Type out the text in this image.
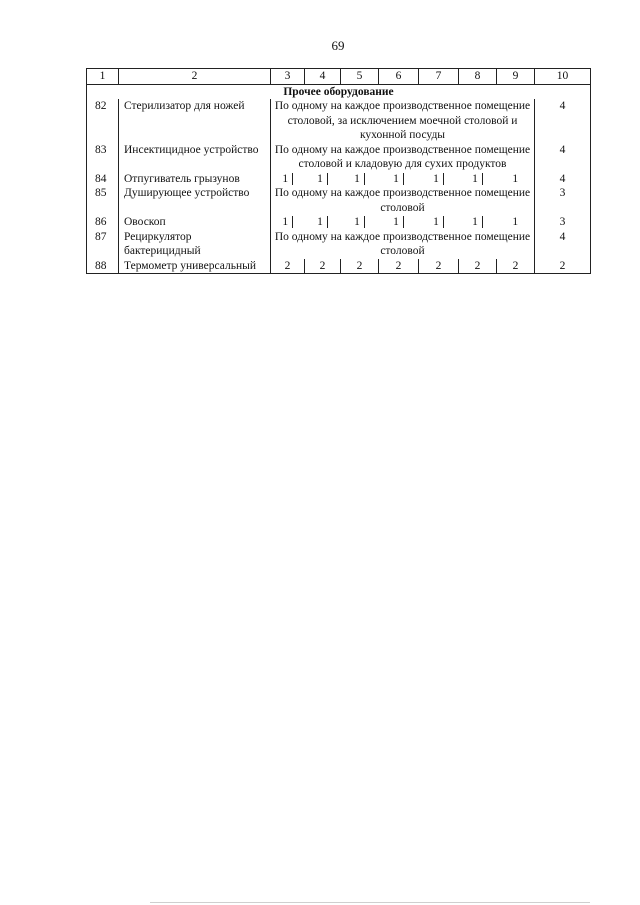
69
1	2	3	4	5	6	7	8	9	10
Прочее оборудование									
82	Стерилизатор для ножей	По одному на каждое производственное помещение столовой, за исключением моечной столовой и кухонной посуды							4
83	Инсектицидное устройство	По одному на каждое производственное помещение столовой и кладовую для сухих продуктов							4
84	Отпугиватель грызунов	1	1	1	1	1	1	1	4
85	Душирующее устройство	По одному на каждое производственное помещение столовой							3
86	Овоскоп	1	1	1	1	1	1	1	3
87	Рециркулятор бактерицидный	По одному на каждое производственное помещение столовой							4
88	Термометр универсальный	2	2	2	2	2	2	2	2
